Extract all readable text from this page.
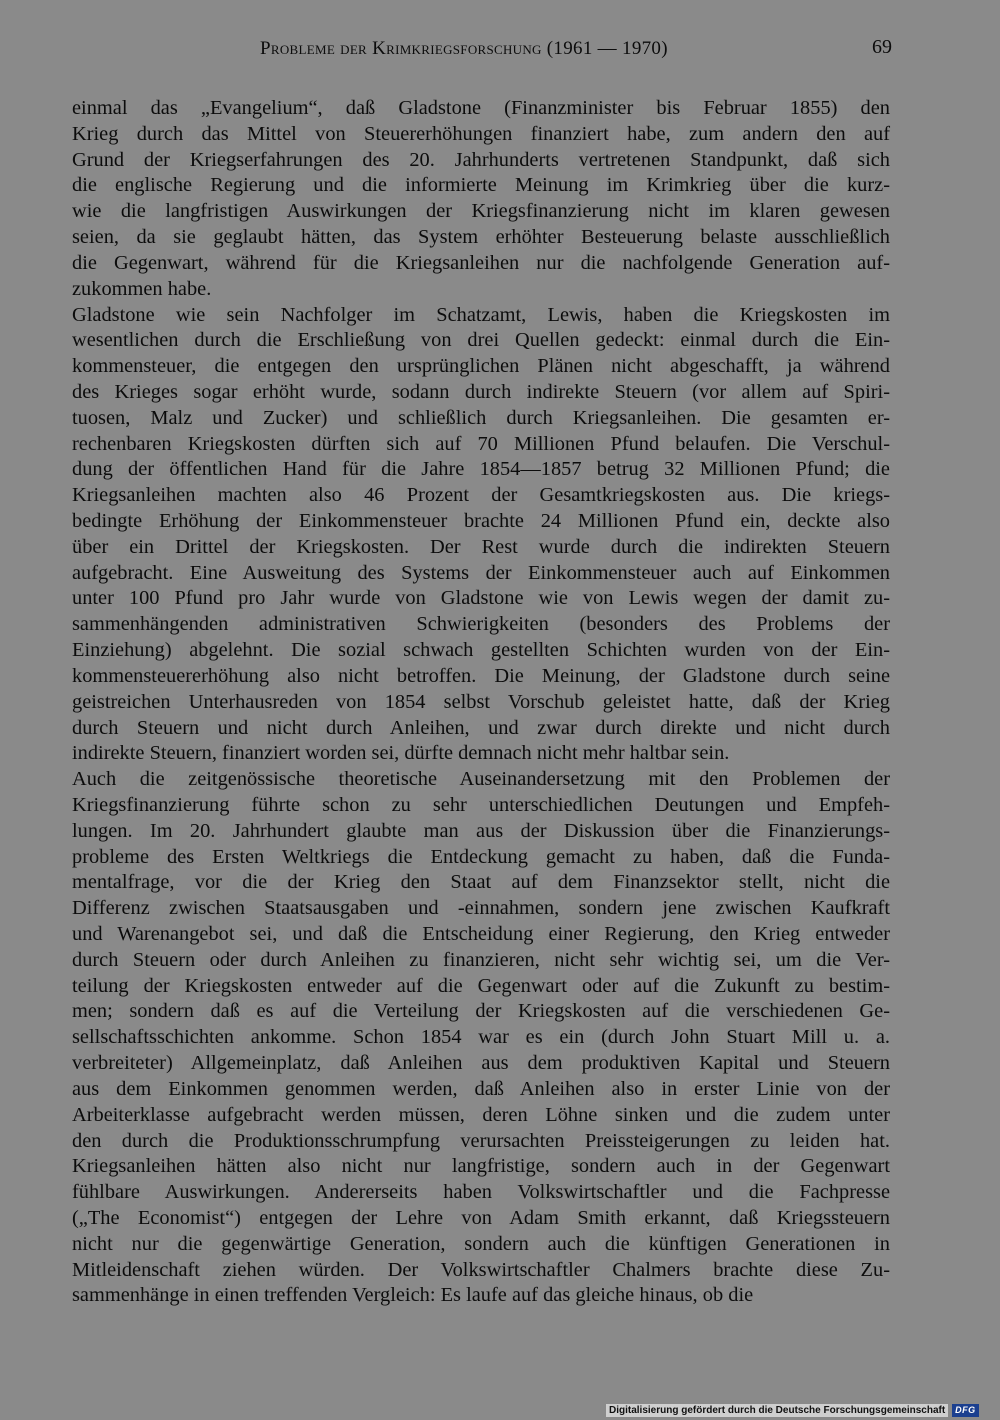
Probleme der Krimkriegsforschung (1961 — 1970)	69
einmal das „Evangelium“, daß Gladstone (Finanzminister bis Februar 1855) den
Krieg durch das Mittel von Steuererhöhungen finanziert habe, zum andern den auf
Grund der Kriegserfahrungen des 20. Jahrhunderts vertretenen Standpunkt, daß sich
die englische Regierung und die informierte Meinung im Krimkrieg über die kurz-
wie die langfristigen Auswirkungen der Kriegsfinanzierung nicht im klaren gewesen
seien, da sie geglaubt hätten, das System erhöhter Besteuerung belaste ausschließlich
die Gegenwart, während für die Kriegsanleihen nur die nachfolgende Generation auf-
zukommen habe.
Gladstone wie sein Nachfolger im Schatzamt, Lewis, haben die Kriegskosten im
wesentlichen durch die Erschließung von drei Quellen gedeckt: einmal durch die Ein-
kommensteuer, die entgegen den ursprünglichen Plänen nicht abgeschafft, ja während
des Krieges sogar erhöht wurde, sodann durch indirekte Steuern (vor allem auf Spiri-
tuosen, Malz und Zucker) und schließlich durch Kriegsanleihen. Die gesamten er-
rechenbaren Kriegskosten dürften sich auf 70 Millionen Pfund belaufen. Die Verschul-
dung der öffentlichen Hand für die Jahre 1854—1857 betrug 32 Millionen Pfund; die
Kriegsanleihen machten also 46 Prozent der Gesamtkriegskosten aus. Die kriegs-
bedingte Erhöhung der Einkommensteuer brachte 24 Millionen Pfund ein, deckte also
über ein Drittel der Kriegskosten. Der Rest wurde durch die indirekten Steuern
aufgebracht. Eine Ausweitung des Systems der Einkommensteuer auch auf Einkommen
unter 100 Pfund pro Jahr wurde von Gladstone wie von Lewis wegen der damit zu-
sammenhängenden administrativen Schwierigkeiten (besonders des Problems der
Einziehung) abgelehnt. Die sozial schwach gestellten Schichten wurden von der Ein-
kommensteuererhöhung also nicht betroffen. Die Meinung, der Gladstone durch seine
geistreichen Unterhausreden von 1854 selbst Vorschub geleistet hatte, daß der Krieg
durch Steuern und nicht durch Anleihen, und zwar durch direkte und nicht durch
indirekte Steuern, finanziert worden sei, dürfte demnach nicht mehr haltbar sein.
Auch die zeitgenössische theoretische Auseinandersetzung mit den Problemen der
Kriegsfinanzierung führte schon zu sehr unterschiedlichen Deutungen und Empfeh-
lungen. Im 20. Jahrhundert glaubte man aus der Diskussion über die Finanzierungs-
probleme des Ersten Weltkriegs die Entdeckung gemacht zu haben, daß die Funda-
mentalfrage, vor die der Krieg den Staat auf dem Finanzsektor stellt, nicht die
Differenz zwischen Staatsausgaben und -einnahmen, sondern jene zwischen Kaufkraft
und Warenangebot sei, und daß die Entscheidung einer Regierung, den Krieg entweder
durch Steuern oder durch Anleihen zu finanzieren, nicht sehr wichtig sei, um die Ver-
teilung der Kriegskosten entweder auf die Gegenwart oder auf die Zukunft zu bestim-
men; sondern daß es auf die Verteilung der Kriegskosten auf die verschiedenen Ge-
sellschaftsschichten ankomme. Schon 1854 war es ein (durch John Stuart Mill u. a.
verbreiteter) Allgemeinplatz, daß Anleihen aus dem produktiven Kapital und Steuern
aus dem Einkommen genommen werden, daß Anleihen also in erster Linie von der
Arbeiterklasse aufgebracht werden müssen, deren Löhne sinken und die zudem unter
den durch die Produktionsschrumpfung verursachten Preissteigerungen zu leiden hat.
Kriegsanleihen hätten also nicht nur langfristige, sondern auch in der Gegenwart
fühlbare Auswirkungen. Andererseits haben Volkswirtschaftler und die Fachpresse
(„The Economist“) entgegen der Lehre von Adam Smith erkannt, daß Kriegssteuern
nicht nur die gegenwärtige Generation, sondern auch die künftigen Generationen in
Mitleidenschaft ziehen würden. Der Volkswirtschaftler Chalmers brachte diese Zu-
sammenhänge in einen treffenden Vergleich: Es laufe auf das gleiche hinaus, ob die
Digitalisierung gefördert durch die Deutsche Forschungsgemeinschaft	DFG
